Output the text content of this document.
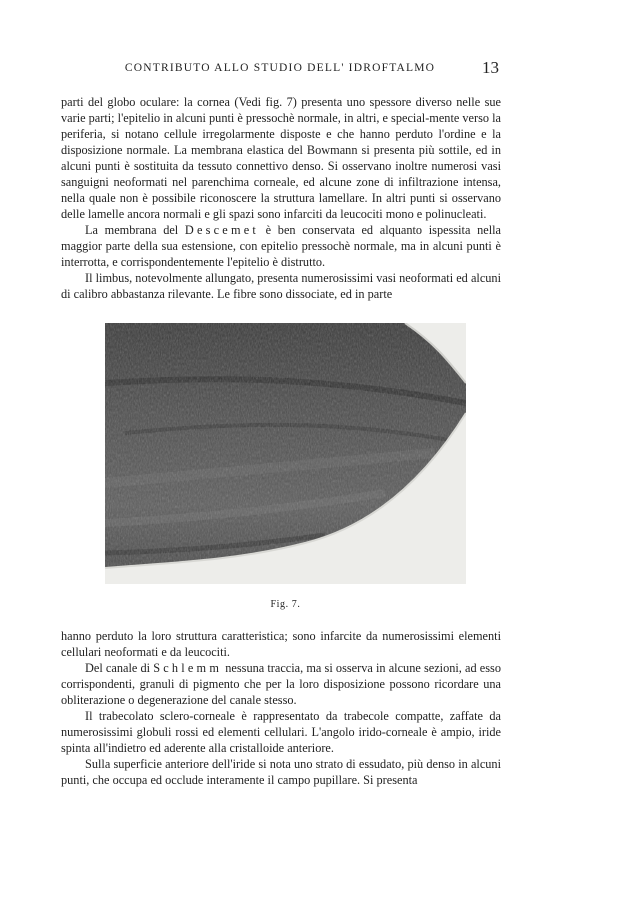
CONTRIBUTO ALLO STUDIO DELL' IDROFTALMO	13

parti del globo oculare: la cornea (Vedi fig. 7) presenta uno spessore diverso nelle sue varie parti; l'epitelio in alcuni punti è pressochè normale, in altri, e special-mente verso la periferia, si notano cellule irregolarmente disposte e che hanno perduto l'ordine e la disposizione normale. La membrana elastica del Bowmann si presenta più sottile, ed in alcuni punti è sostituita da tessuto connettivo denso. Si osservano inoltre numerosi vasi sanguigni neoformati nel parenchima corneale, ed alcune zone di infiltrazione intensa, nella quale non è possibile riconoscere la struttura lamellare. In altri punti si osservano delle lamelle ancora normali e gli spazi sono infarciti da leucociti mono e polinucleati.

La membrana del Descemet è ben conservata ed alquanto ispessita nella maggior parte della sua estensione, con epitelio pressochè normale, ma in alcuni punti è interrotta, e corrispondentemente l'epitelio è distrutto.

Il limbus, notevolmente allungato, presenta numerosissimi vasi neoformati ed alcuni di calibro abbastanza rilevante. Le fibre sono dissociate, ed in parte

Fig. 7.

hanno perduto la loro struttura caratteristica; sono infarcite da numerosissimi elementi cellulari neoformati e da leucociti.

Del canale di Schlemm nessuna traccia, ma si osserva in alcune sezioni, ad esso corrispondenti, granuli di pigmento che per la loro disposizione possono ricordare una obliterazione o degenerazione del canale stesso.

Il trabecolato sclero-corneale è rappresentato da trabecole compatte, zaffate da numerosissimi globuli rossi ed elementi cellulari. L'angolo irido-corneale è ampio, iride spinta all'indietro ed aderente alla cristalloide anteriore.

Sulla superficie anteriore dell'iride si nota uno strato di essudato, più denso in alcuni punti, che occupa ed occlude interamente il campo pupillare. Si presenta
